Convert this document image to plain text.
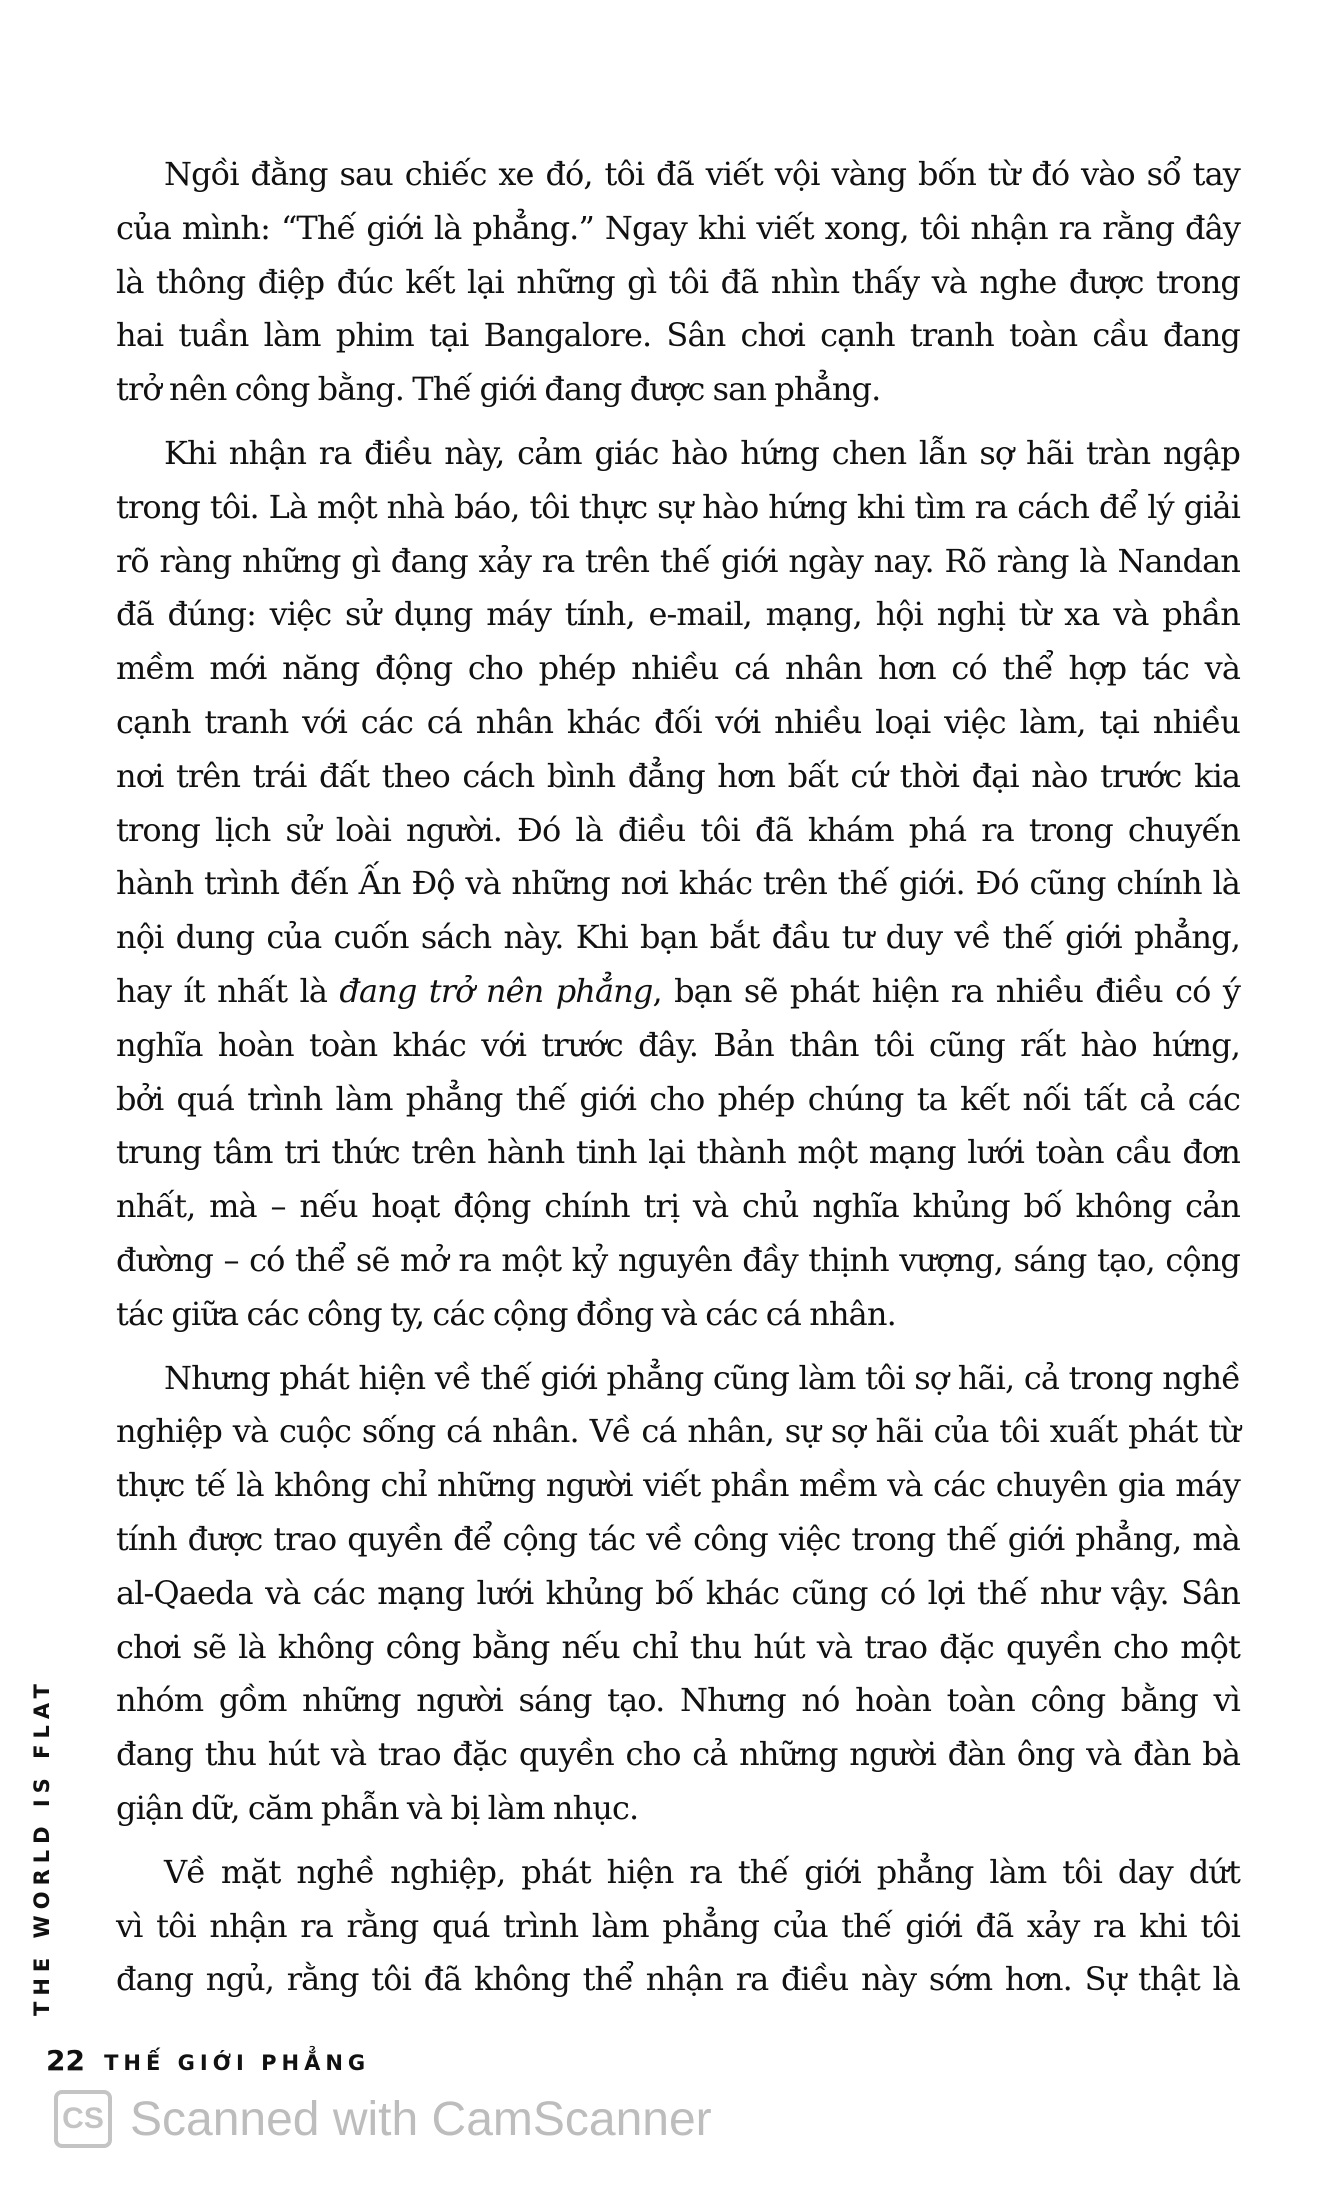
Ngồi đằng sau chiếc xe đó, tôi đã viết vội vàng bốn từ đó vào sổ tay
của mình: “Thế giới là phẳng.” Ngay khi viết xong, tôi nhận ra rằng đây
là thông điệp đúc kết lại những gì tôi đã nhìn thấy và nghe được trong
hai tuần làm phim tại Bangalore. Sân chơi cạnh tranh toàn cầu đang
trở nên công bằng. Thế giới đang được san phẳng.
Khi nhận ra điều này, cảm giác hào hứng chen lẫn sợ hãi tràn ngập
trong tôi. Là một nhà báo, tôi thực sự hào hứng khi tìm ra cách để lý giải
rõ ràng những gì đang xảy ra trên thế giới ngày nay. Rõ ràng là Nandan
đã đúng: việc sử dụng máy tính, e-mail, mạng, hội nghị từ xa và phần
mềm mới năng động cho phép nhiều cá nhân hơn có thể hợp tác và
cạnh tranh với các cá nhân khác đối với nhiều loại việc làm, tại nhiều
nơi trên trái đất theo cách bình đẳng hơn bất cứ thời đại nào trước kia
trong lịch sử loài người. Đó là điều tôi đã khám phá ra trong chuyến
hành trình đến Ấn Độ và những nơi khác trên thế giới. Đó cũng chính là
nội dung của cuốn sách này. Khi bạn bắt đầu tư duy về thế giới phẳng,
hay ít nhất là đang trở nên phẳng, bạn sẽ phát hiện ra nhiều điều có ý
nghĩa hoàn toàn khác với trước đây. Bản thân tôi cũng rất hào hứng,
bởi quá trình làm phẳng thế giới cho phép chúng ta kết nối tất cả các
trung tâm tri thức trên hành tinh lại thành một mạng lưới toàn cầu đơn
nhất, mà – nếu hoạt động chính trị và chủ nghĩa khủng bố không cản
đường – có thể sẽ mở ra một kỷ nguyên đầy thịnh vượng, sáng tạo, cộng
tác giữa các công ty, các cộng đồng và các cá nhân.
Nhưng phát hiện về thế giới phẳng cũng làm tôi sợ hãi, cả trong nghề
nghiệp và cuộc sống cá nhân. Về cá nhân, sự sợ hãi của tôi xuất phát từ
thực tế là không chỉ những người viết phần mềm và các chuyên gia máy
tính được trao quyền để cộng tác về công việc trong thế giới phẳng, mà
al-Qaeda và các mạng lưới khủng bố khác cũng có lợi thế như vậy. Sân
chơi sẽ là không công bằng nếu chỉ thu hút và trao đặc quyền cho một
nhóm gồm những người sáng tạo. Nhưng nó hoàn toàn công bằng vì
đang thu hút và trao đặc quyền cho cả những người đàn ông và đàn bà
giận dữ, căm phẫn và bị làm nhục.
Về mặt nghề nghiệp, phát hiện ra thế giới phẳng làm tôi day dứt
vì tôi nhận ra rằng quá trình làm phẳng của thế giới đã xảy ra khi tôi
đang ngủ, rằng tôi đã không thể nhận ra điều này sớm hơn. Sự thật là
THE WORLD IS FLAT
22 THẾ GIỚI PHẲNG
CS Scanned with CamScanner
